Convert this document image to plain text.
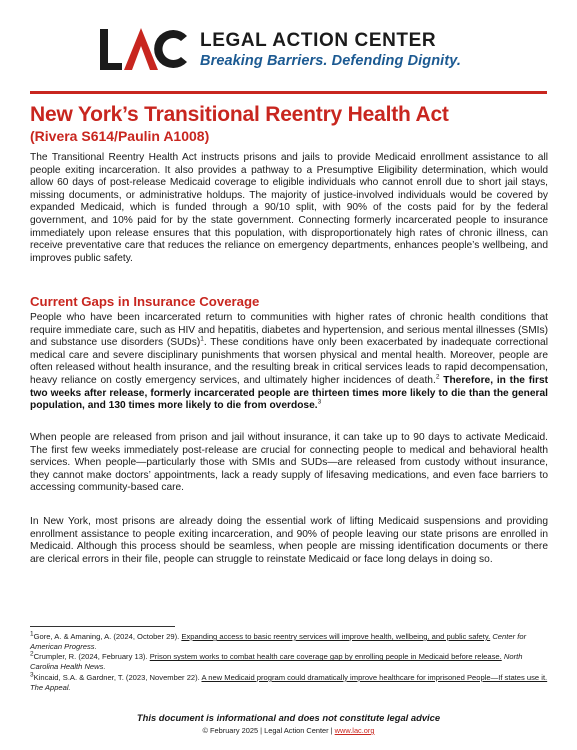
LEGAL ACTION CENTER
Breaking Barriers. Defending Dignity.
New York’s Transitional Reentry Health Act
(Rivera S614/Paulin A1008)
The Transitional Reentry Health Act instructs prisons and jails to provide Medicaid enrollment assistance to all people exiting incarceration. It also provides a pathway to a Presumptive Eligibility determination, which would allow 60 days of post-release Medicaid coverage to eligible individuals who cannot enroll due to short jail stays, missing documents, or administrative holdups. The majority of justice-involved individuals would be covered by expanded Medicaid, which is funded through a 90/10 split, with 90% of the costs paid for by the federal government, and 10% paid for by the state government. Connecting formerly incarcerated people to insurance immediately upon release ensures that this population, with disproportionately high rates of chronic illness, can receive preventative care that reduces the reliance on emergency departments, enhances people’s wellbeing, and improves public safety.
Current Gaps in Insurance Coverage
People who have been incarcerated return to communities with higher rates of chronic health conditions that require immediate care, such as HIV and hepatitis, diabetes and hypertension, and serious mental illnesses (SMIs) and substance use disorders (SUDs)$^1$. These conditions have only been exacerbated by inadequate correctional medical care and severe disciplinary punishments that worsen physical and mental health. Moreover, people are often released without health insurance, and the resulting break in critical services leads to rapid decompensation, heavy reliance on costly emergency services, and ultimately higher incidences of death.$^2$ Therefore, in the first two weeks after release, formerly incarcerated people are thirteen times more likely to die than the general population, and 130 times more likely to die from overdose.$^3$
When people are released from prison and jail without insurance, it can take up to 90 days to activate Medicaid. The first few weeks immediately post-release are crucial for connecting people to medical and behavioral health services. When people—particularly those with SMIs and SUDs—are released from custody without insurance, they cannot make doctors’ appointments, lack a ready supply of lifesaving medications, and even face barriers to accessing community-based care.
In New York, most prisons are already doing the essential work of lifting Medicaid suspensions and providing enrollment assistance to people exiting incarceration, and 90% of people leaving our state prisons are enrolled in Medicaid. Although this process should be seamless, when people are missing identification documents or there are clerical errors in their file, people can struggle to reinstate Medicaid or face long delays in doing so.
$^1$Gore, A. & Amaning, A. (2024, October 29). Expanding access to basic reentry services will improve health, wellbeing, and public safety. Center for American Progress.
$^2$Crumpler, R. (2024, February 13). Prison system works to combat health care coverage gap by enrolling people in Medicaid before release. North Carolina Health News.
$^3$Kincaid, S.A. & Gardner, T. (2023, November 22). A new Medicaid program could dramatically improve healthcare for imprisoned People—If states use it. The Appeal.
This document is informational and does not constitute legal advice
© February 2025 | Legal Action Center | www.lac.org
